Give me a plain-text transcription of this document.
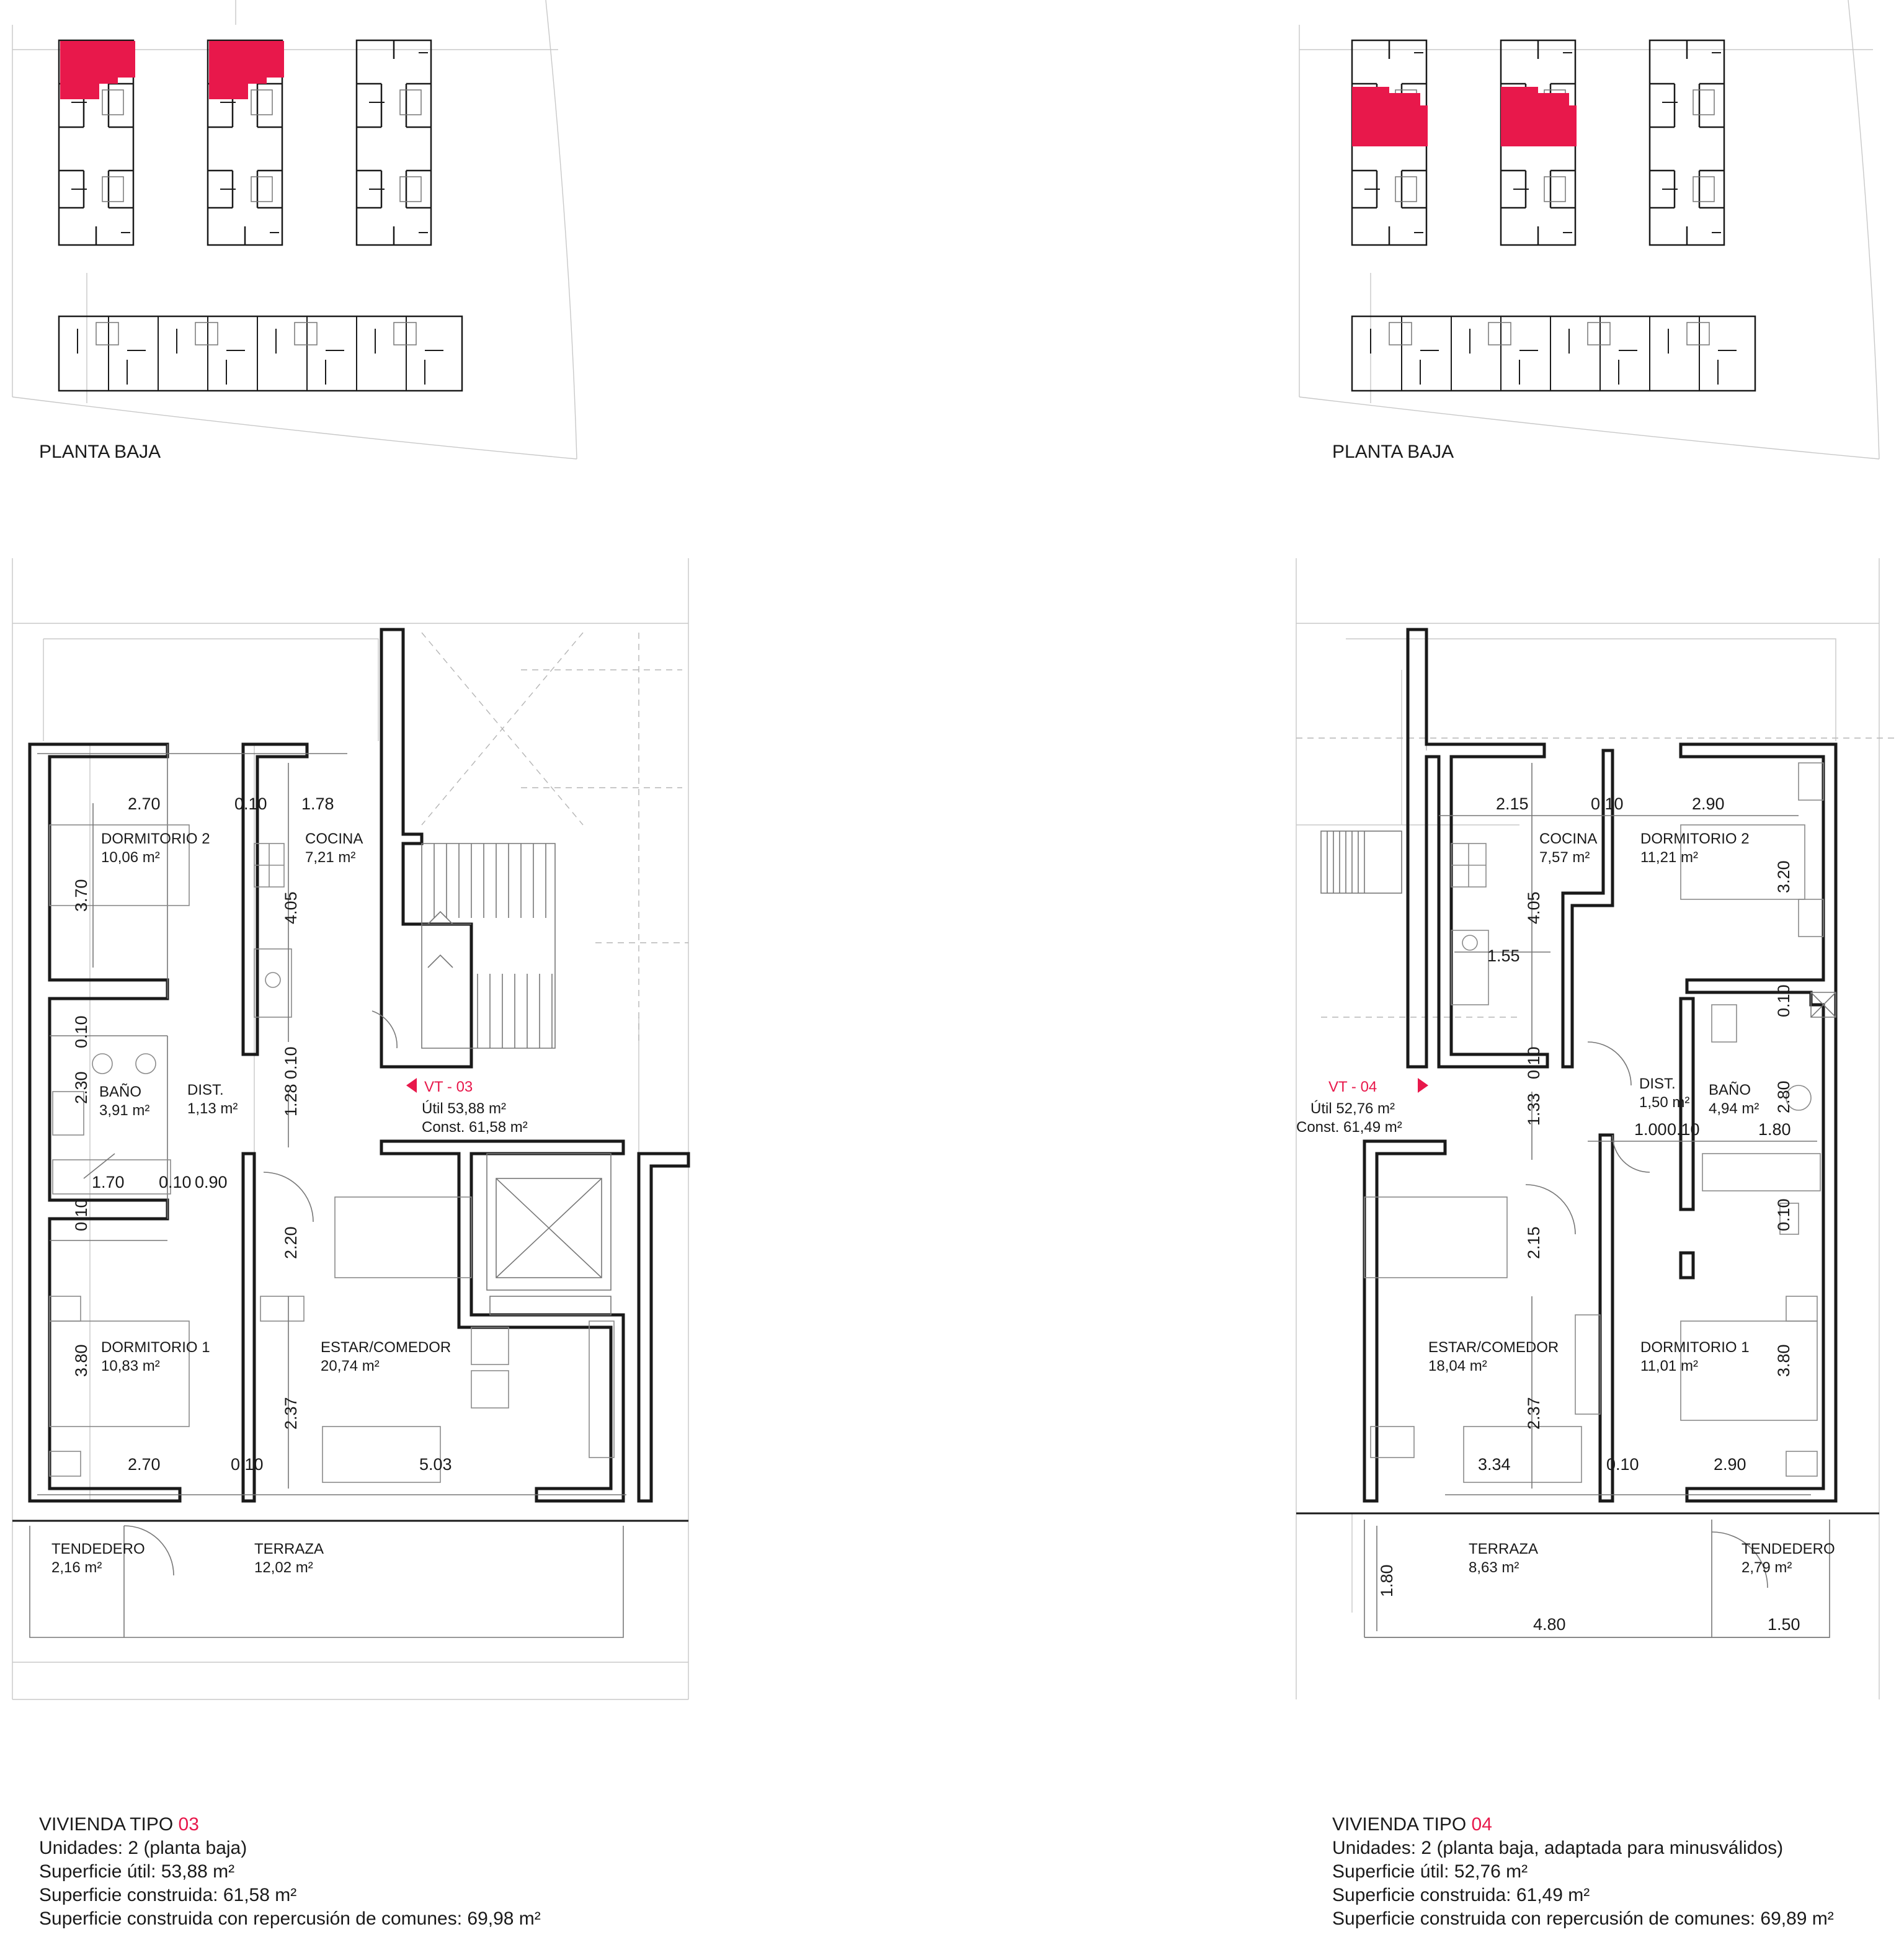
DORMITORIO 2
10,06 m²
COCINA
7,21 m²
BAÑO
3,91 m²
DIST.
1,13 m²
DORMITORIO 1
10,83 m²
ESTAR/COMEDOR
20,74 m²
TENDEDERO
2,16 m²
TERRAZA
12,02 m²
VT - 03
Útil 53,88 m²
Const. 61,58 m²
2.70	0.10 1.78
3.70	4.05
0.10
2.30
0.10
1.28
1.70 0.10 0.90
0.10
2.20
3.80
2.37
2.70	0.10	5.03
COCINA
7,57 m²
DORMITORIO 2
11,21 m²
DIST.
1,50 m²
BAÑO
4,94 m²
ESTAR/COMEDOR
18,04 m²
DORMITORIO 1
11,01 m²
TERRAZA
8,63 m²
TENDEDERO
2,79 m²
VT - 04
Útil 52,76 m²
Const. 61,49 m²
2.15	0.10	2.90
3.20
4.05
1.55
0.10
0.10
2.80
1.33
1.00 0.10	1.80
0.10
2.15
3.80
2.37
3.34	0.10	2.90
1.80
4.80	1.50
PLANTA BAJA	PLANTA BAJA
VIVIENDA TIPO 03
Unidades: 2 (planta baja)
Superficie útil: 53,88 m²
Superficie construida: 61,58 m²
Superficie construida con repercusión de comunes: 69,98 m²
VIVIENDA TIPO 04
Unidades: 2 (planta baja, adaptada para minusválidos)
Superficie útil: 52,76 m²
Superficie construida: 61,49 m²
Superficie construida con repercusión de comunes: 69,89 m²
